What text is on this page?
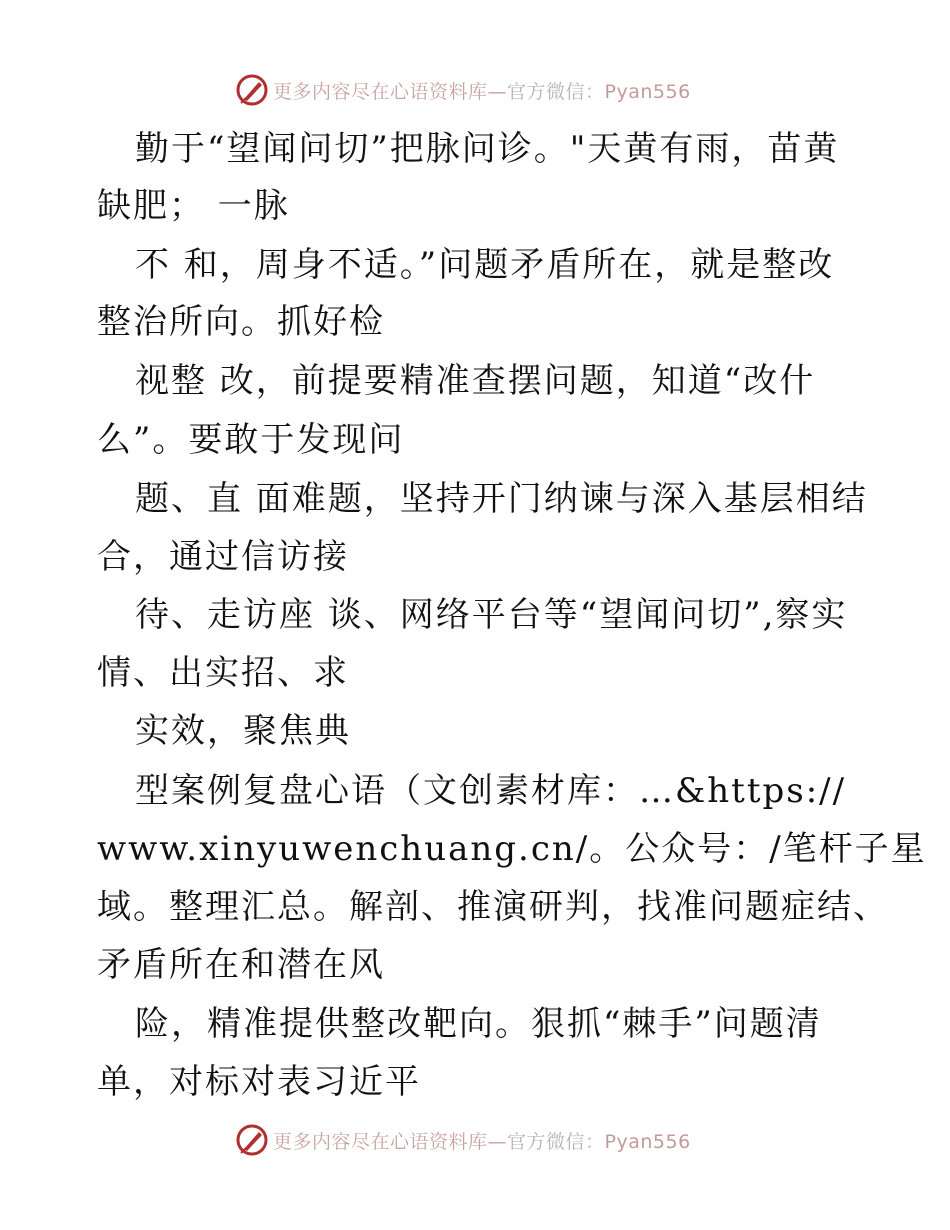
更多内容尽在心语资料库—官方微信：Pyan556
勤于“望闻问切”把脉问诊。"天黄有雨，苗黄
缺肥； 一脉
不 和，周身不适。”问题矛盾所在，就是整改
整治所向。抓好检
视整 改，前提要精准查摆问题，知道“改什
么”。要敢于发现问
题、直 面难题，坚持开门纳谏与深入基层相结
合，通过信访接
待、走访座 谈、网络平台等“望闻问切”,察实
情、出实招、求
实效，聚焦典
型案例复盘心语（文创素材库：…&https://
www.xinyuwenchuang.cn/。公众号：/笔杆子星
域。整理汇总。解剖、推演研判，找准问题症结、
矛盾所在和潜在风
险，精准提供整改靶向。狠抓“棘手”问题清
单，对标对表习近平
更多内容尽在心语资料库—官方微信：Pyan556
